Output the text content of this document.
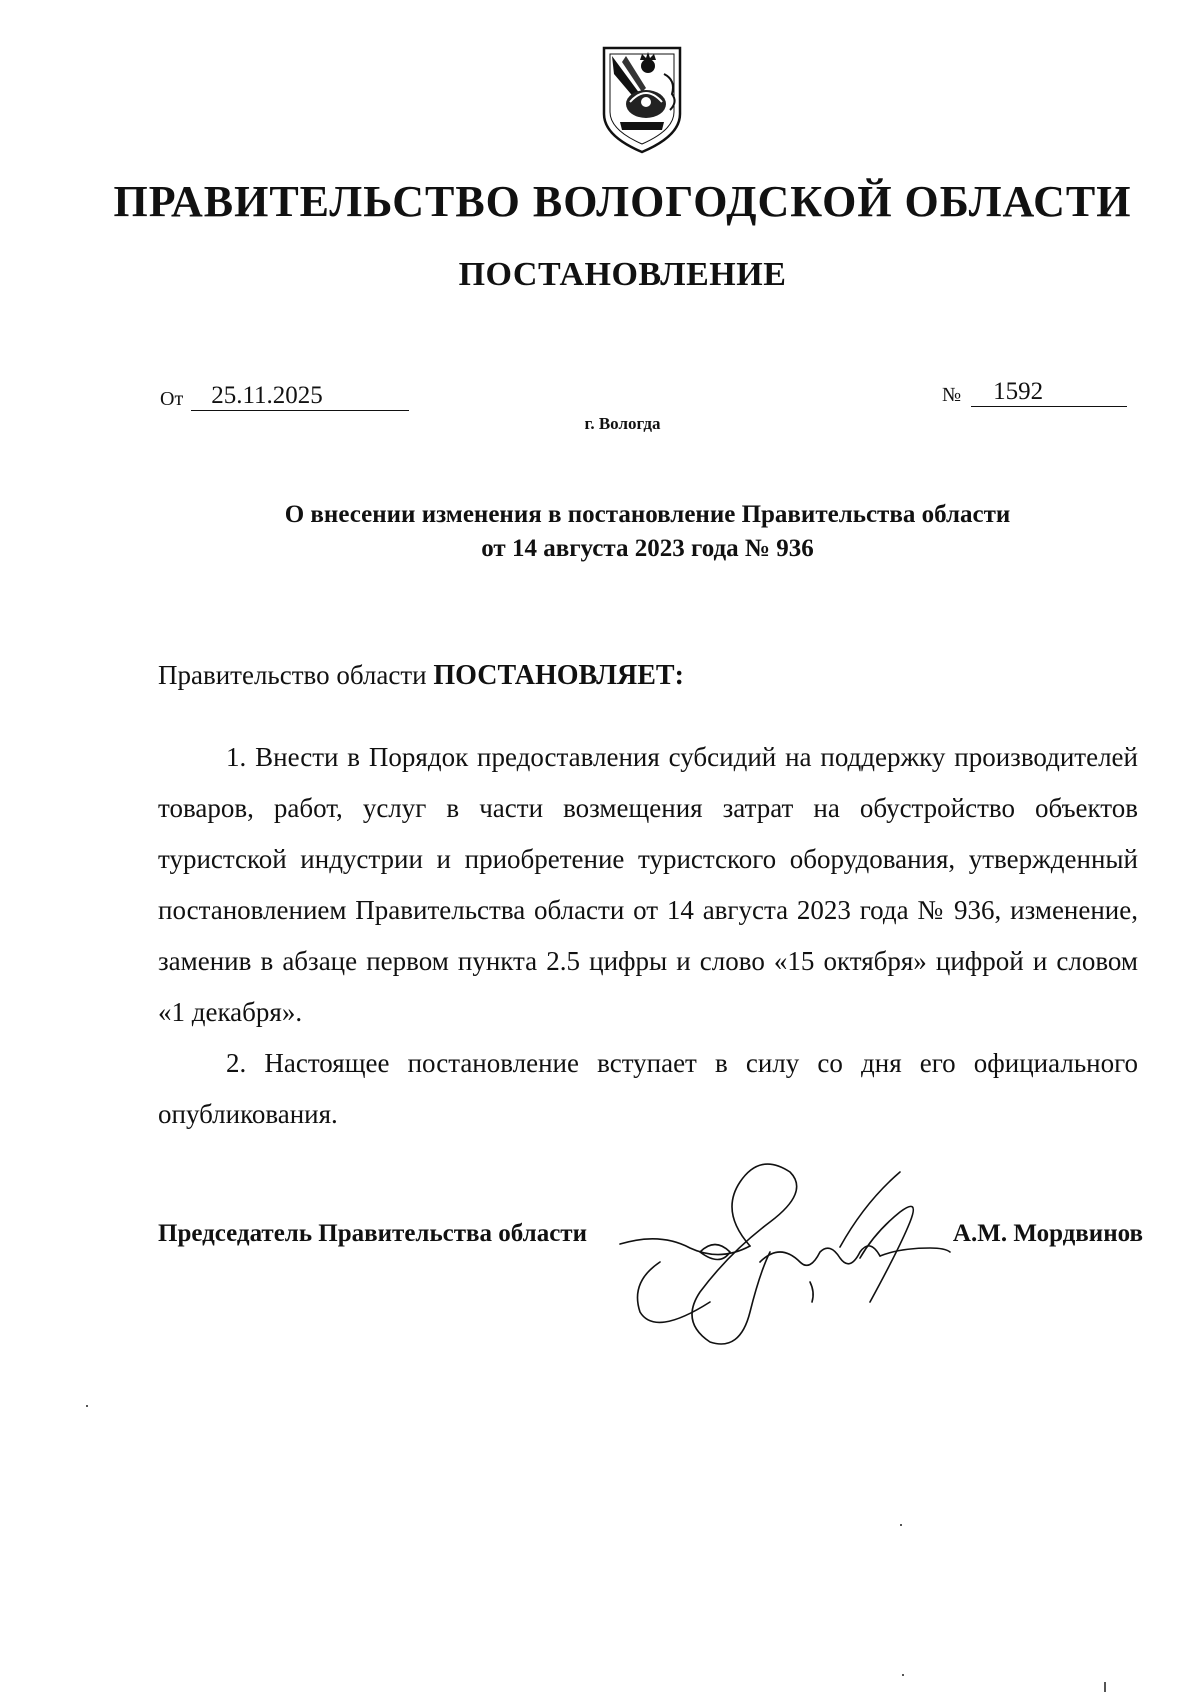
ПРАВИТЕЛЬСТВО ВОЛОГОДСКОЙ ОБЛАСТИ
ПОСТАНОВЛЕНИЕ
От	25.11.2025	№	1592
г. Вологда
О внесении изменения в постановление Правительства области
от 14 августа 2023 года № 936
Правительство области ПОСТАНОВЛЯЕТ:

1. Внести в Порядок предоставления субсидий на поддержку производителей товаров, работ, услуг в части возмещения затрат на обустройство объектов туристской индустрии и приобретение туристского оборудования, утвержденный постановлением Правительства области от 14 августа 2023 года № 936, изменение, заменив в абзаце первом пункта 2.5 цифры и слово «15 октября» цифрой и словом «1 декабря».

2. Настоящее постановление вступает в силу со дня его официального опубликования.

Председатель Правительства области	А.М. Мордвинов
